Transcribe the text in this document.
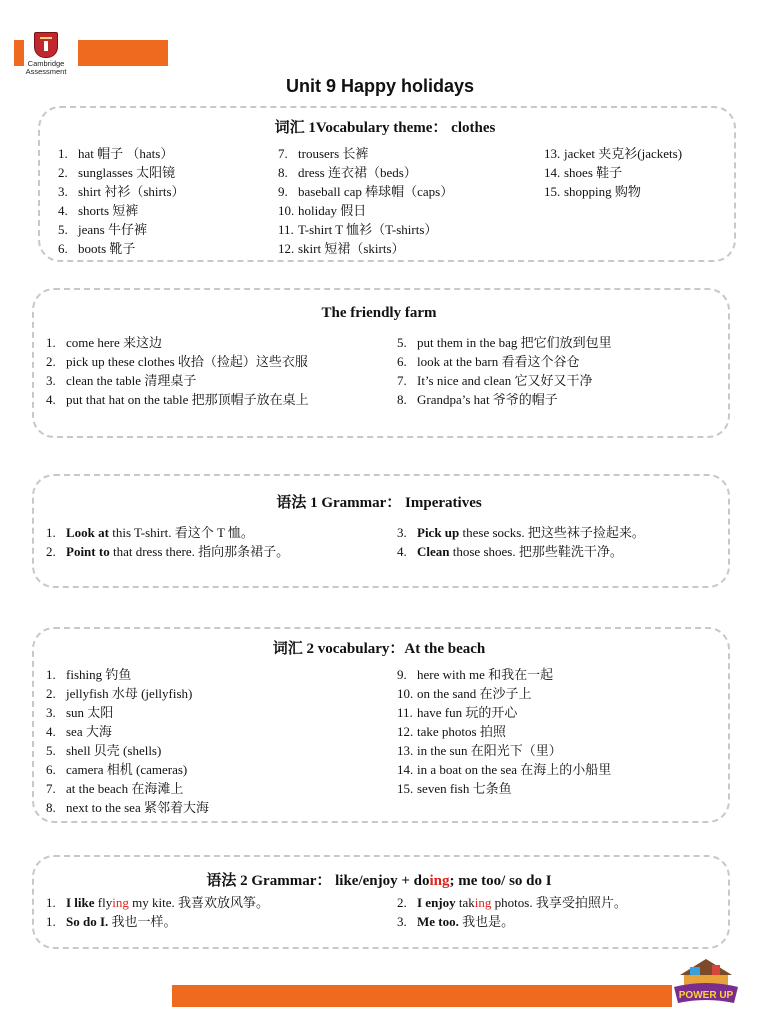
Cambridge
Assessment
Unit 9 Happy holidays
词汇 1Vocabulary theme： clothes
1. hat 帽子 （hats）
2. sunglasses 太阳镜
3. shirt 衬衫（shirts）
4. shorts 短裤
5. jeans 牛仔裤
6. boots 靴子
7. trousers 长裤
8. dress 连衣裙（beds）
9. baseball cap 棒球帽（caps）
10. holiday 假日
11. T-shirt T 恤衫（T-shirts）
12. skirt 短裙（skirts）
13. jacket 夹克衫(jackets)
14. shoes 鞋子
15. shopping 购物
The friendly farm
1. come here 来这边
2. pick up these clothes 收拾（捡起）这些衣服
3. clean the table 清理桌子
4. put that hat on the table 把那顶帽子放在桌上
5. put them in the bag 把它们放到包里
6. look at the barn 看看这个谷仓
7. It’s nice and clean 它又好又干净
8. Grandpa’s hat 爷爷的帽子
语法 1 Grammar： Imperatives
1. Look at this T-shirt. 看这个 T 恤。
2. Point to that dress there. 指向那条裙子。
3. Pick up these socks. 把这些袜子捡起来。
4. Clean those shoes. 把那些鞋洗干净。
词汇 2 vocabulary：At the beach
1. fishing 钓鱼
2. jellyfish 水母 (jellyfish)
3. sun 太阳
4. sea 大海
5. shell 贝壳 (shells)
6. camera 相机 (cameras)
7. at the beach 在海滩上
8. next to the sea 紧邻着大海
9. here with me 和我在一起
10. on the sand 在沙子上
11. have fun 玩的开心
12. take photos 拍照
13. in the sun 在阳光下（里）
14. in a boat on the sea 在海上的小船里
15. seven fish 七条鱼
语法 2 Grammar： like/enjoy + doing; me too/ so do I
1. I like flying my kite. 我喜欢放风筝。
1. So do I. 我也一样。
2. I enjoy taking photos. 我享受拍照片。
3. Me too. 我也是。
POWER UP
